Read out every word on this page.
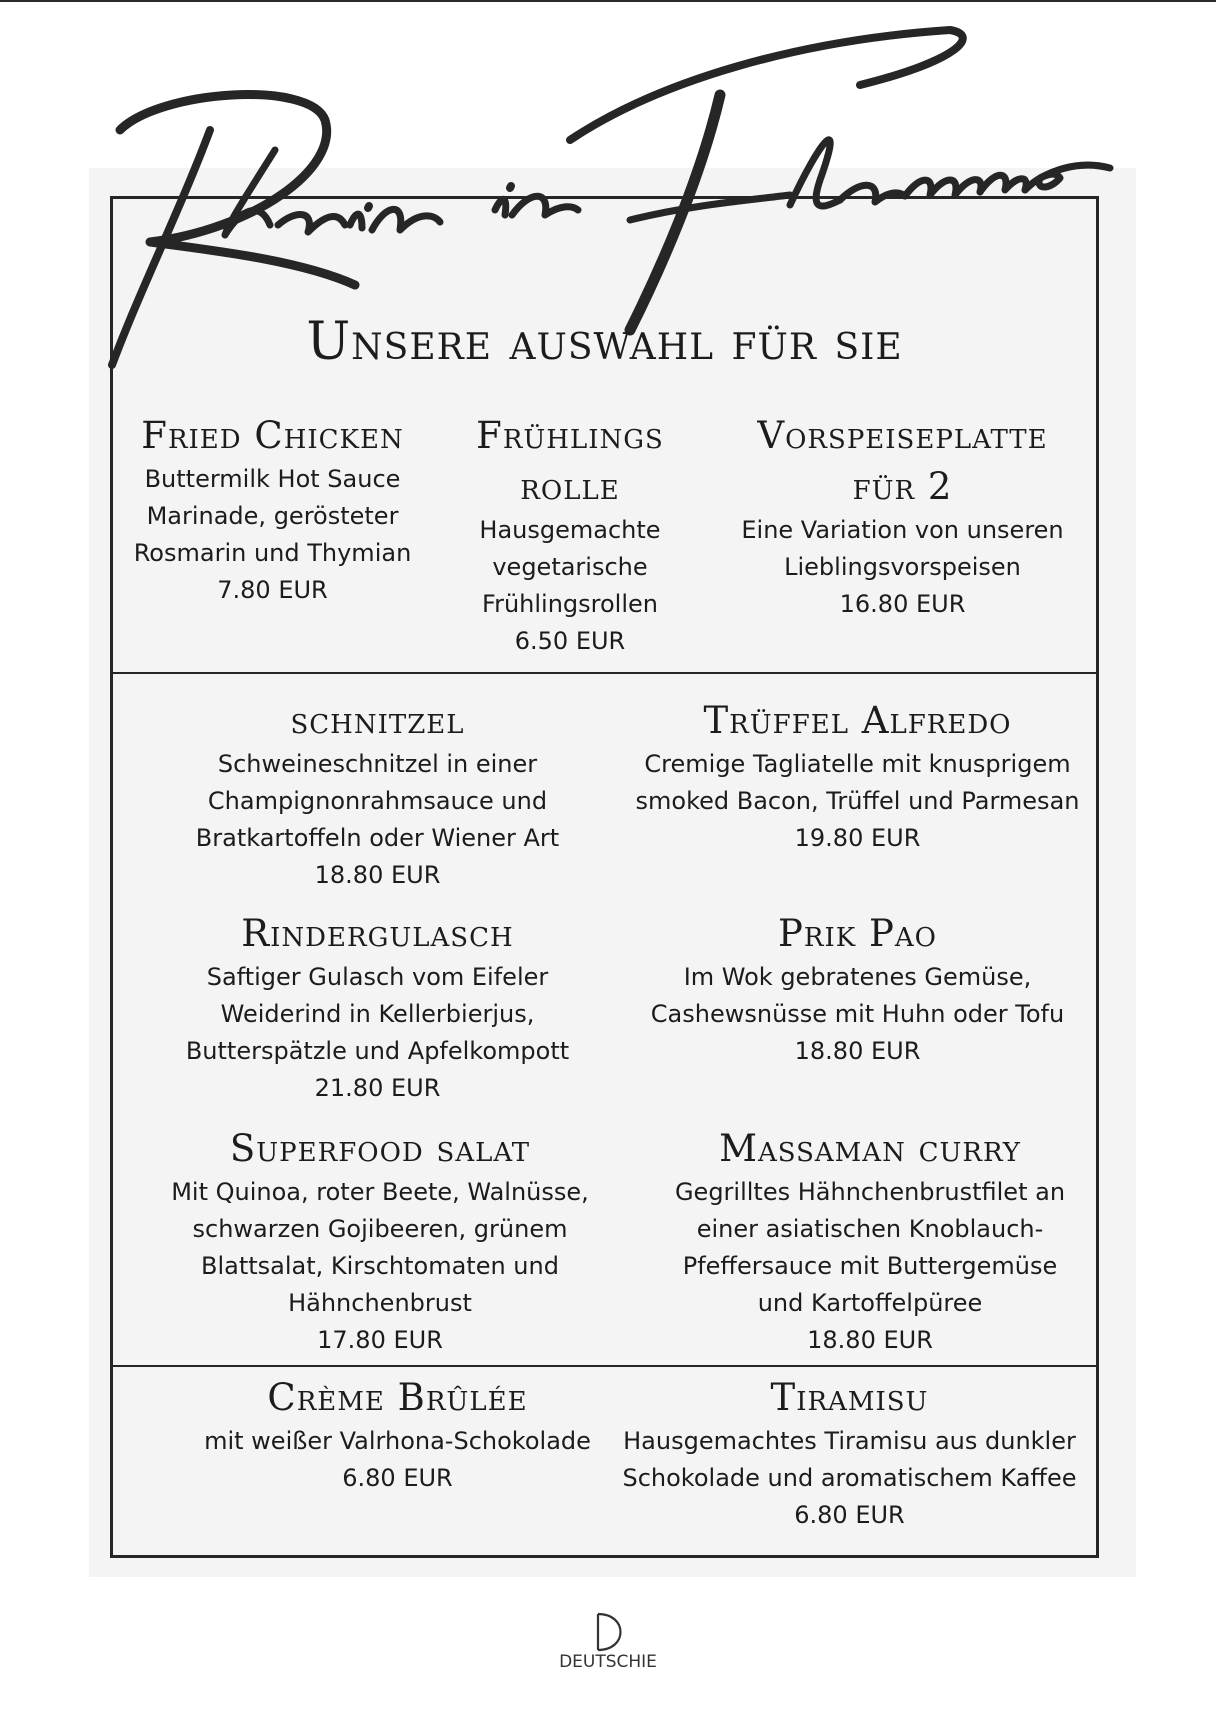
Unsere auswahl für sie
Fried Chicken
Buttermilk Hot Sauce Marinade, gerösteter Rosmarin und Thymian
7.80 EUR
Frühlings rolle
Hausgemachte vegetarische Frühlingsrollen
6.50 EUR
Vorspeiseplatte für 2
Eine Variation von unseren Lieblingsvorspeisen
16.80 EUR
schnitzel
Schweineschnitzel in einer Champignonrahmsauce und Bratkartoffeln oder Wiener Art
18.80 EUR
Trüffel Alfredo
Cremige Tagliatelle mit knusprigem smoked Bacon, Trüffel und Parmesan
19.80 EUR
Rindergulasch
Saftiger Gulasch vom Eifeler Weiderind in Kellerbierjus, Butterspätzle und Apfelkompott
21.80 EUR
Prik Pao
Im Wok gebratenes Gemüse, Cashewsnüsse mit Huhn oder Tofu
18.80 EUR
Superfood salat
Mit Quinoa, roter Beete, Walnüsse, schwarzen Gojibeeren, grünem Blattsalat, Kirschtomaten und Hähnchenbrust
17.80 EUR
Massaman curry
Gegrilltes Hähnchenbrustfilet an einer asiatischen Knoblauch-Pfeffersauce mit Buttergemüse und Kartoffelpüree
18.80 EUR
Crème Brûlée
mit weißer Valrhona-Schokolade
6.80 EUR
Tiramisu
Hausgemachtes Tiramisu aus dunkler Schokolade und aromatischem Kaffee
6.80 EUR
DEUTSCHIE
